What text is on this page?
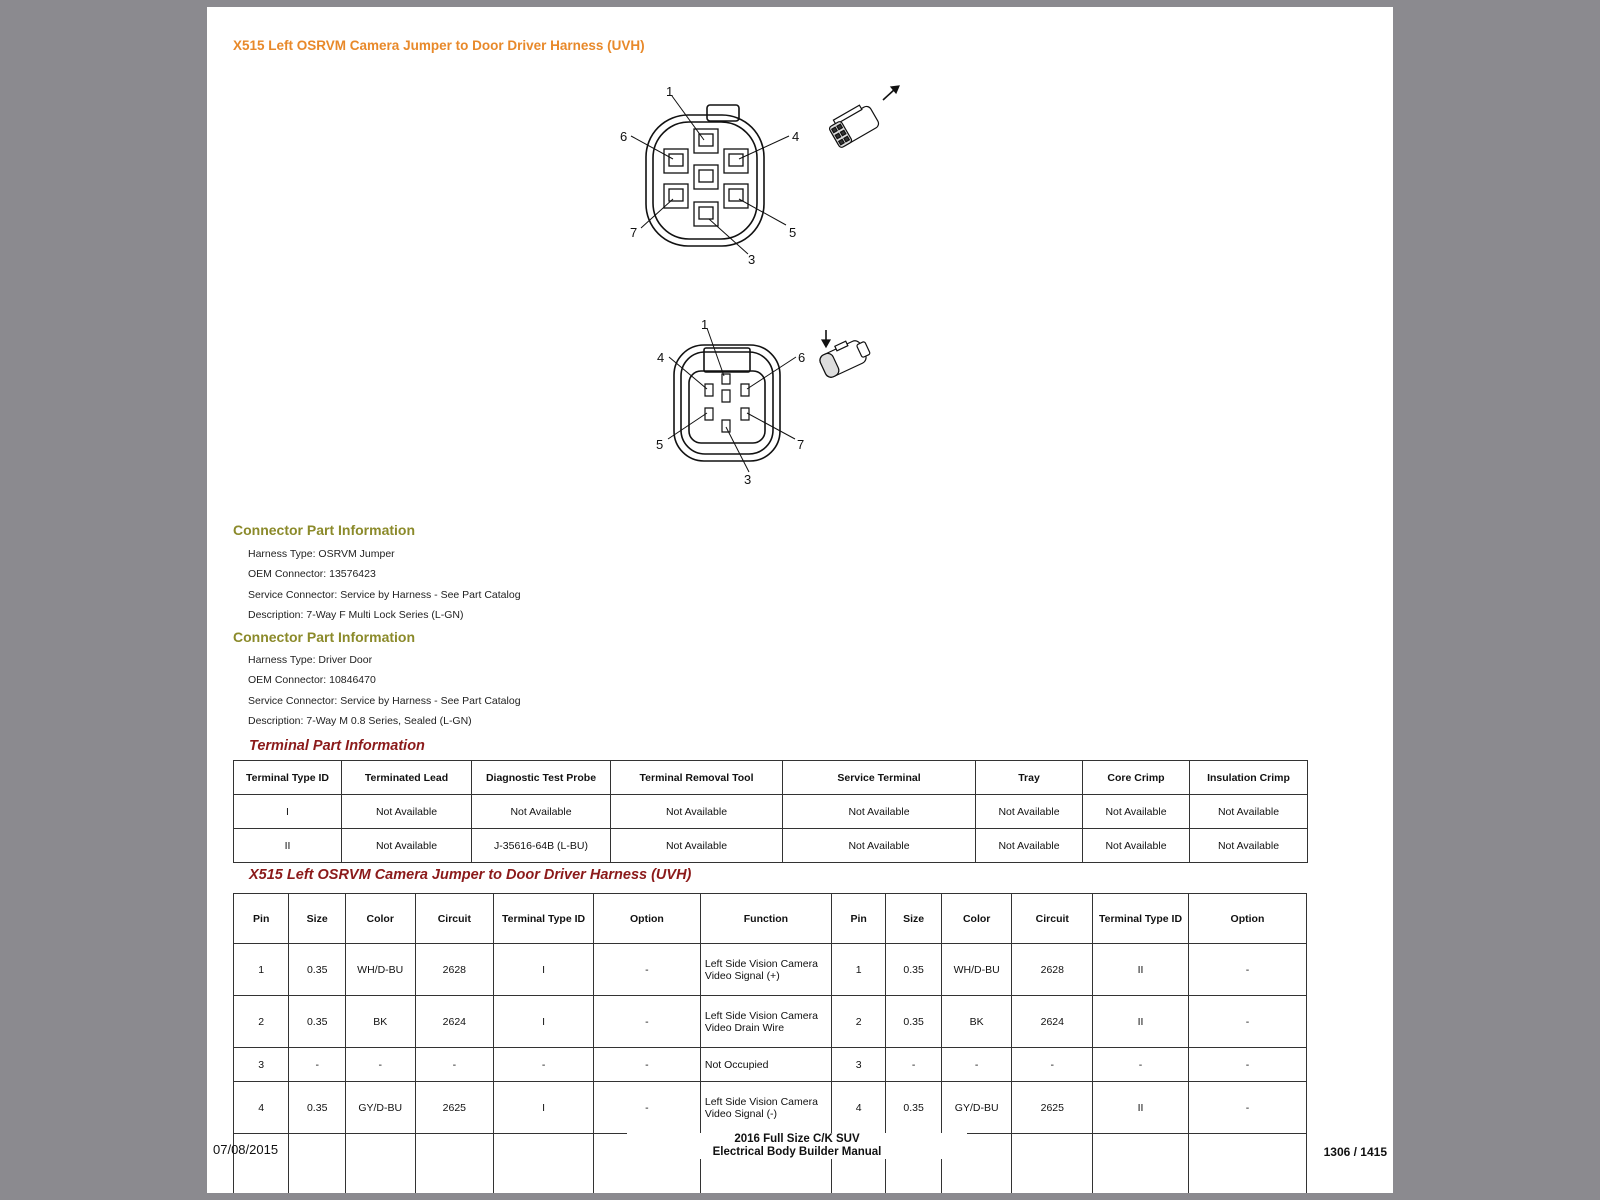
X515 Left OSRVM Camera Jumper to Door Driver Harness (UVH)
1
6	4
7	5
3
1
4	6
5	7
3
Connector Part Information
Harness Type: OSRVM Jumper
OEM Connector: 13576423
Service Connector: Service by Harness - See Part Catalog
Description: 7-Way F Multi Lock Series (L-GN)
Connector Part Information
Harness Type: Driver Door
OEM Connector: 10846470
Service Connector: Service by Harness - See Part Catalog
Description: 7-Way M 0.8 Series, Sealed (L-GN)
Terminal Part Information
Terminal Type ID	Terminated Lead	Diagnostic Test Probe	Terminal Removal Tool	Service Terminal	Tray	Core Crimp	Insulation Crimp
I	Not Available	Not Available	Not Available	Not Available	Not Available	Not Available	Not Available
II	Not Available	J-35616-64B (L-BU)	Not Available	Not Available	Not Available	Not Available	Not Available
X515 Left OSRVM Camera Jumper to Door Driver Harness (UVH)
Pin	Size	Color	Circuit	Terminal Type ID	Option	Function	Pin	Size	Color	Circuit	Terminal Type ID	Option
1	0.35	WH/D-BU	2628	I	-	Left Side Vision Camera Video Signal (+)	1	0.35	WH/D-BU	2628	II	-
2	0.35	BK	2624	I	-	Left Side Vision Camera Video Drain Wire	2	0.35	BK	2624	II	-
3	-	-	-	-	-	Not Occupied	3	-	-	-	-	-
4	0.35	GY/D-BU	2625	I	-	Left Side Vision Camera Video Signal (-)	4	0.35	GY/D-BU	2625	II	-

07/08/2015
2016 Full Size C/K SUV
Electrical Body Builder Manual	1306 / 1415
